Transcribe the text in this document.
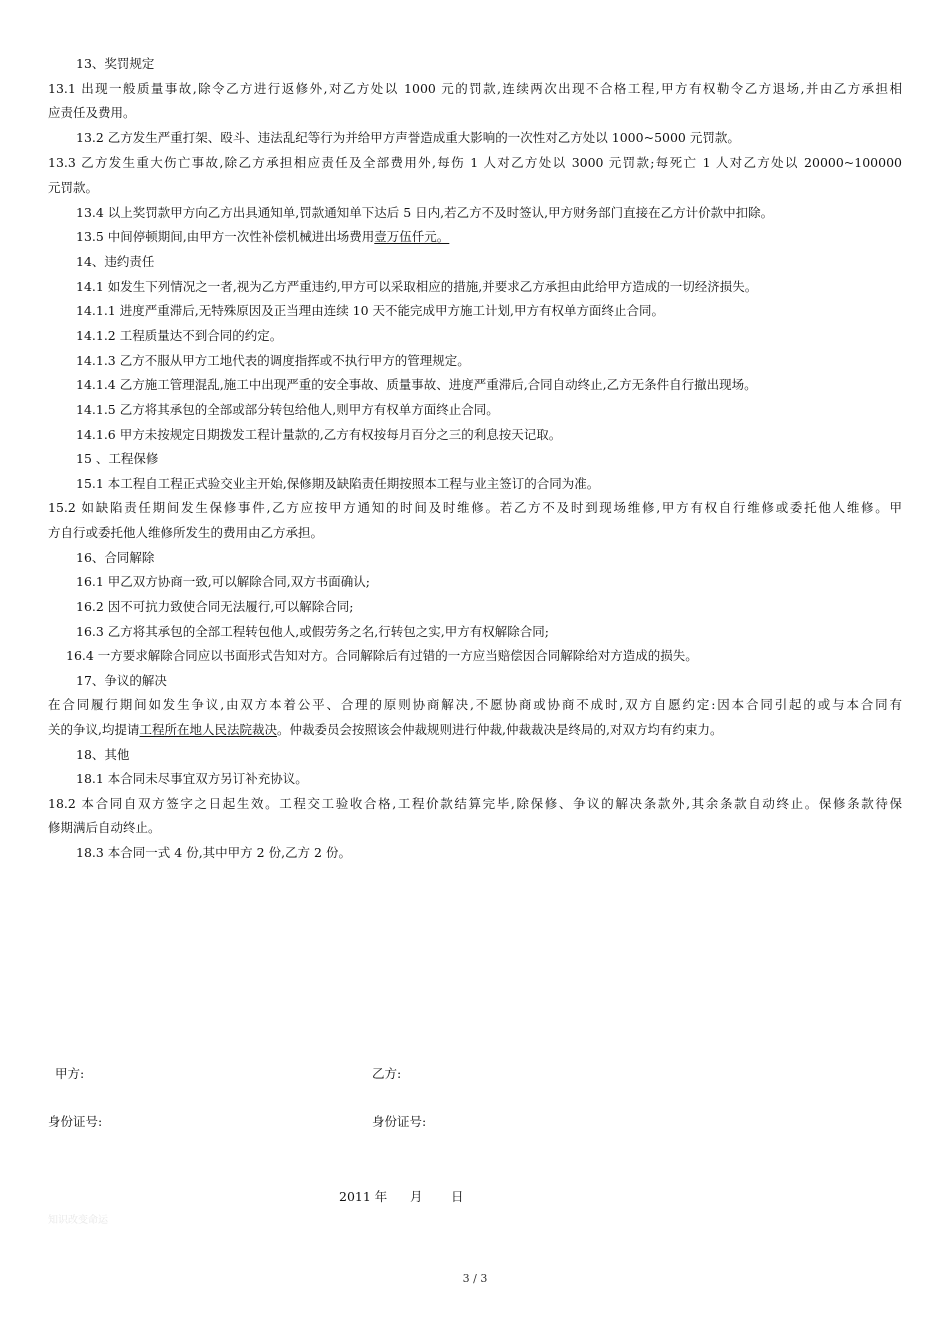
13、奖罚规定
13.1 出现一般质量事故,除令乙方进行返修外,对乙方处以 1000 元的罚款,连续两次出现不合格工程,甲方有权勒令乙方退场,并由乙方承担相
应责任及费用。
13.2 乙方发生严重打架、殴斗、违法乱纪等行为并给甲方声誉造成重大影响的一次性对乙方处以 1000~5000 元罚款。
13.3 乙方发生重大伤亡事故,除乙方承担相应责任及全部费用外,每伤 1 人对乙方处以 3000 元罚款;每死亡 1 人对乙方处以 20000~100000
元罚款。
13.4 以上奖罚款甲方向乙方出具通知单,罚款通知单下达后 5 日内,若乙方不及时签认,甲方财务部门直接在乙方计价款中扣除。
13.5 中间停顿期间,由甲方一次性补偿机械进出场费用壹万伍仟元。
14、违约责任
14.1 如发生下列情况之一者,视为乙方严重违约,甲方可以采取相应的措施,并要求乙方承担由此给甲方造成的一切经济损失。
14.1.1 进度严重滞后,无特殊原因及正当理由连续 10 天不能完成甲方施工计划,甲方有权单方面终止合同。
14.1.2 工程质量达不到合同的约定。
14.1.3 乙方不服从甲方工地代表的调度指挥或不执行甲方的管理规定。
14.1.4 乙方施工管理混乱,施工中出现严重的安全事故、质量事故、进度严重滞后,合同自动终止,乙方无条件自行撤出现场。
14.1.5 乙方将其承包的全部或部分转包给他人,则甲方有权单方面终止合同。
14.1.6 甲方未按规定日期拨发工程计量款的,乙方有权按每月百分之三的利息按天记取。
15 、工程保修
15.1 本工程自工程正式验交业主开始,保修期及缺陷责任期按照本工程与业主签订的合同为准。
15.2 如缺陷责任期间发生保修事件,乙方应按甲方通知的时间及时维修。若乙方不及时到现场维修,甲方有权自行维修或委托他人维修。甲
方自行或委托他人维修所发生的费用由乙方承担。
16、合同解除
16.1 甲乙双方协商一致,可以解除合同,双方书面确认;
16.2 因不可抗力致使合同无法履行,可以解除合同;
16.3 乙方将其承包的全部工程转包他人,或假劳务之名,行转包之实,甲方有权解除合同;
16.4 一方要求解除合同应以书面形式告知对方。合同解除后有过错的一方应当赔偿因合同解除给对方造成的损失。
17、争议的解决
在合同履行期间如发生争议,由双方本着公平、合理的原则协商解决,不愿协商或协商不成时,双方自愿约定:因本合同引起的或与本合同有
关的争议,均提请工程所在地人民法院裁决。仲裁委员会按照该会仲裁规则进行仲裁,仲裁裁决是终局的,对双方均有约束力。
18、其他
18.1 本合同未尽事宜双方另订补充协议。
18.2 本合同自双方签字之日起生效。工程交工验收合格,工程价款结算完毕,除保修、争议的解决条款外,其余条款自动终止。保修条款待保
修期满后自动终止。
18.3 本合同一式 4 份,其中甲方 2 份,乙方 2 份。
甲方:	乙方:
身份证号:	身份证号:
2011 年 月 日
知识改变命运
3 / 3
